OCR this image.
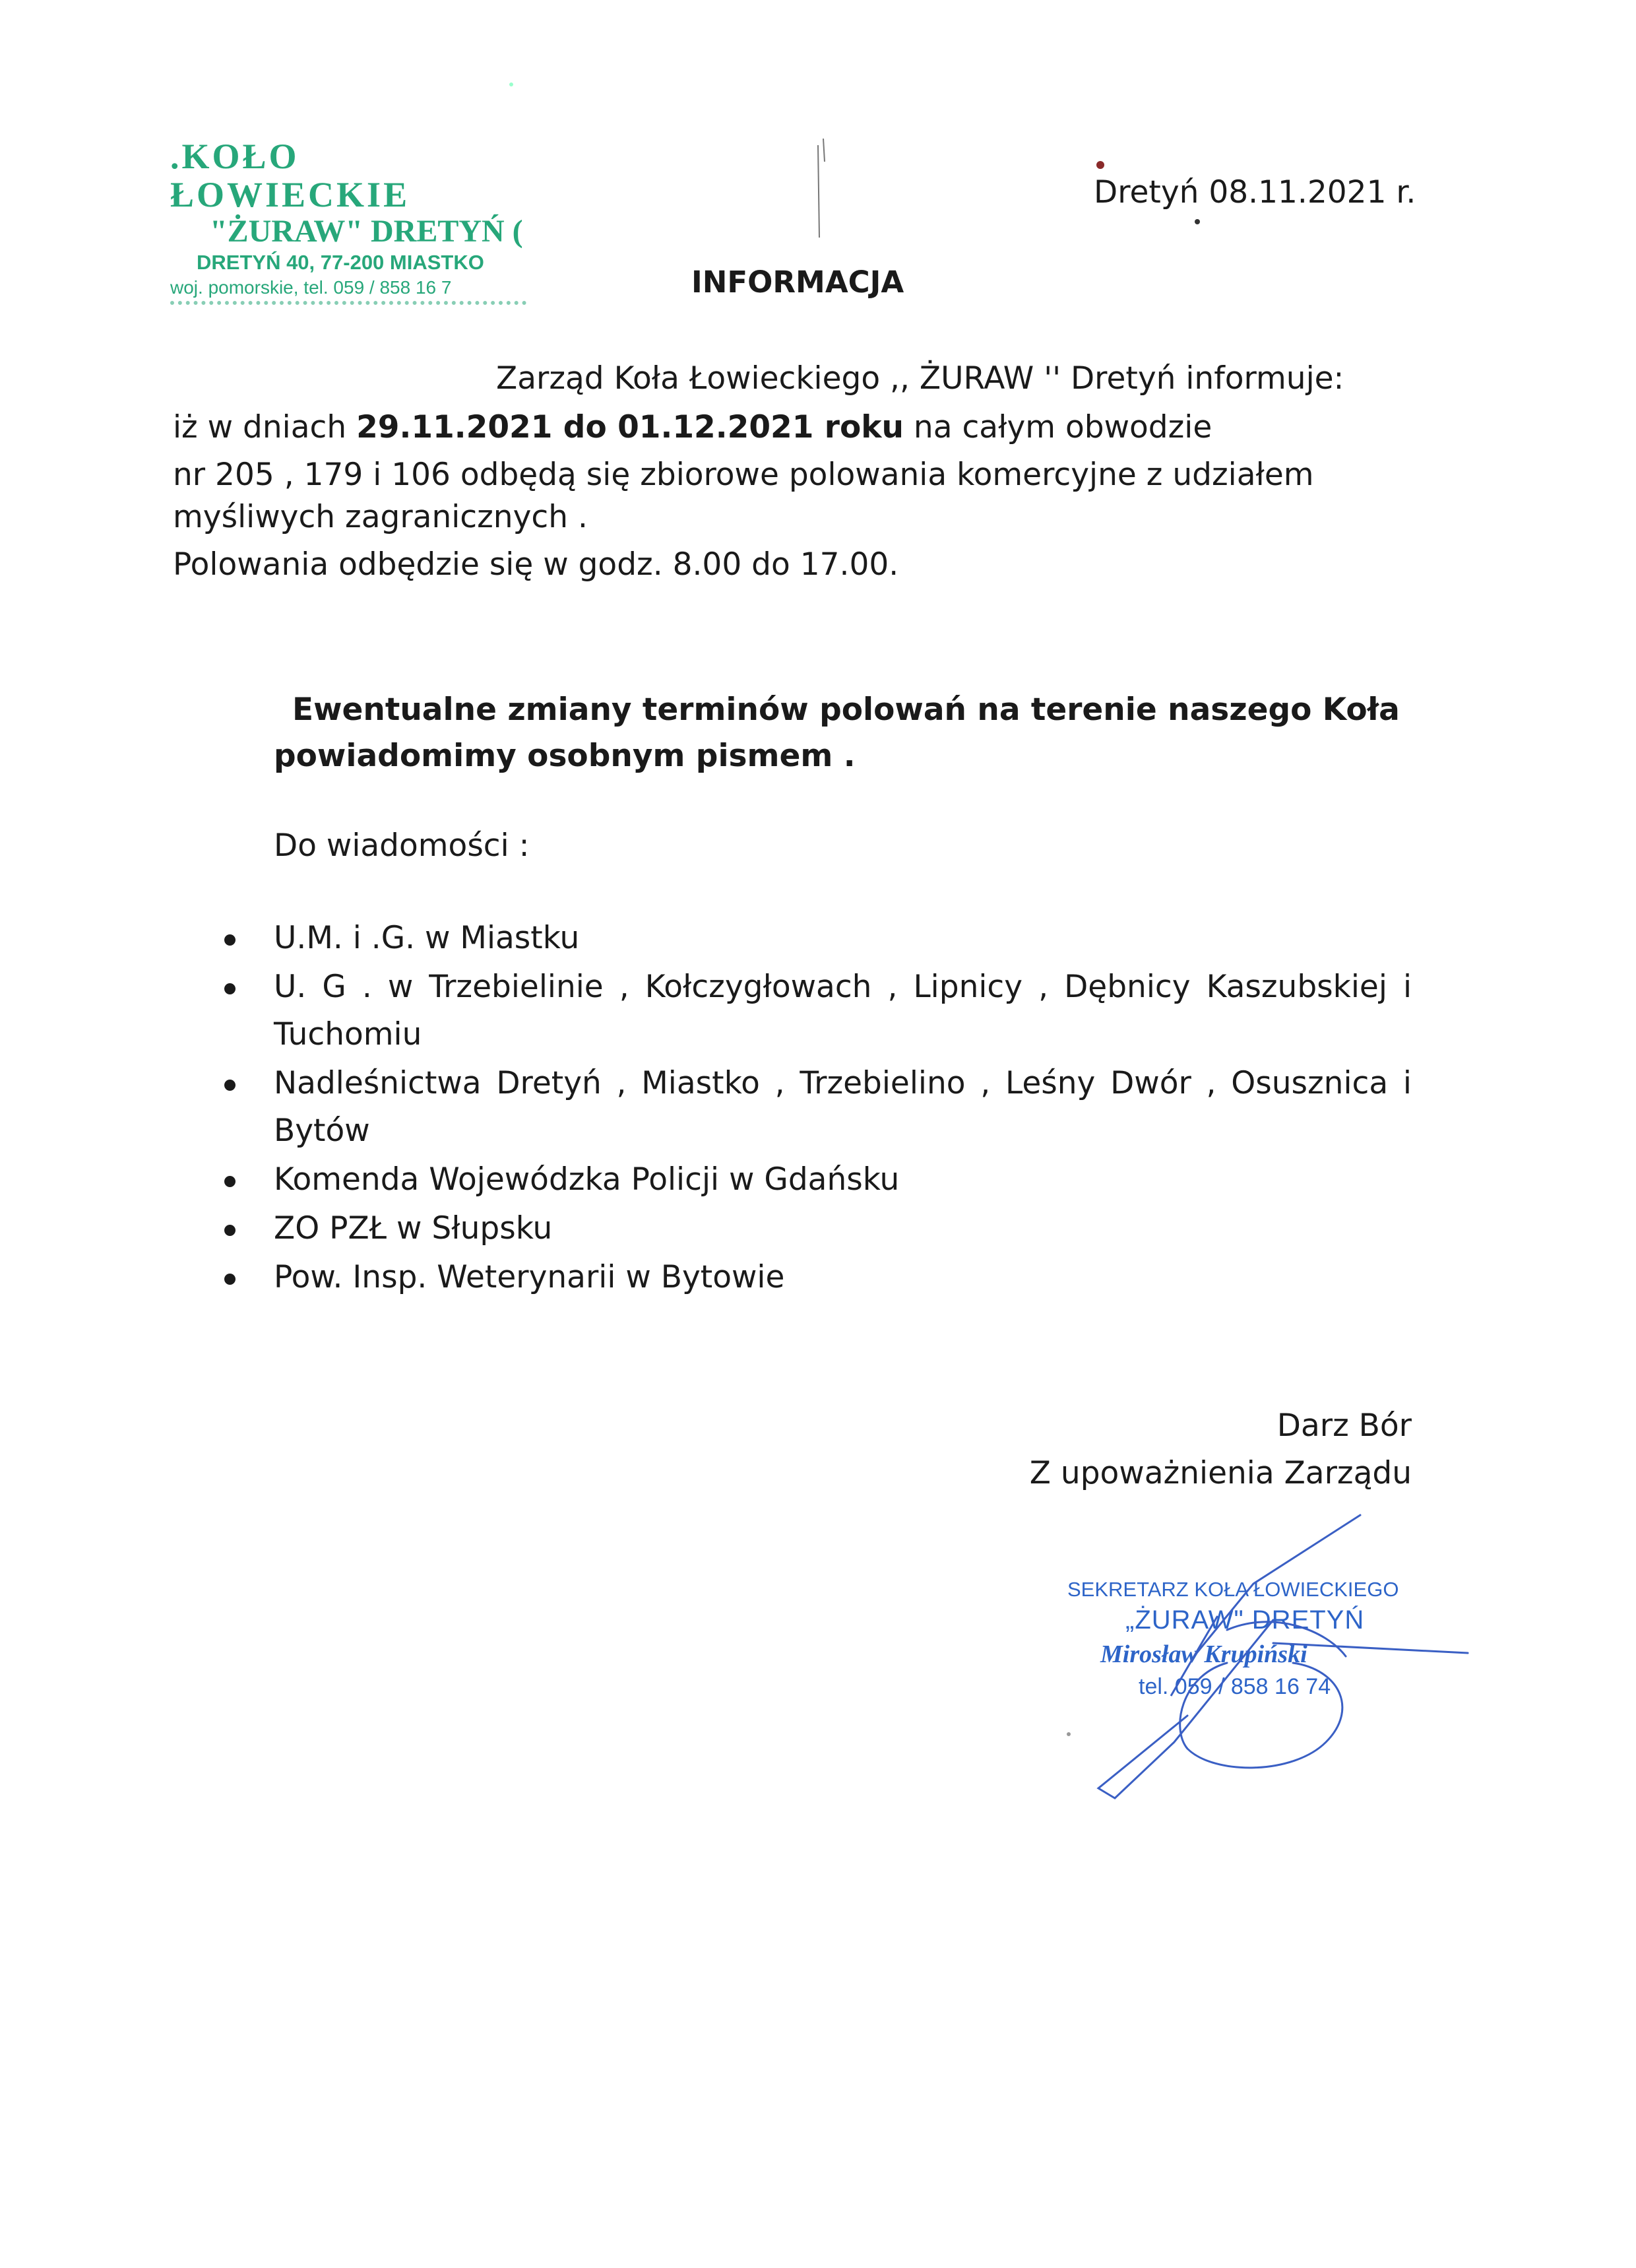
.KOŁO ŁOWIECKIE
"ŻURAW" DRETYŃ (
DRETYŃ 40, 77-200 MIASTKO
woj. pomorskie, tel. 059 / 858 16 7
Dretyń 08.11.2021 r.
INFORMACJA
Zarząd Koła Łowieckiego ,, ŻURAW '' Dretyń informuje:
iż w dniach 29.11.2021 do 01.12.2021 roku na całym obwodzie
nr 205 , 179 i 106 odbędą się zbiorowe polowania komercyjne z udziałem
myśliwych zagranicznych .
Polowania odbędzie się w godz. 8.00 do 17.00.
Ewentualne zmiany terminów polowań na terenie naszego Koła
powiadomimy osobnym pismem .
Do wiadomości :
U.M. i .G. w Miastku
U. G . w Trzebielinie , Kołczygłowach , Lipnicy , Dębnicy Kaszubskiej i Tuchomiu
Nadleśnictwa Dretyń , Miastko , Trzebielino , Leśny Dwór , Osusznica i Bytów
Komenda Wojewódzka Policji w Gdańsku
ZO PZŁ w Słupsku
Pow. Insp. Weterynarii w Bytowie
Darz Bór
Z upoważnienia Zarządu
SEKRETARZ KOŁA ŁOWIECKIEGO
„ŻURAW" DRETYŃ
Mirosław Krupiński
tel. 059 / 858 16 74
